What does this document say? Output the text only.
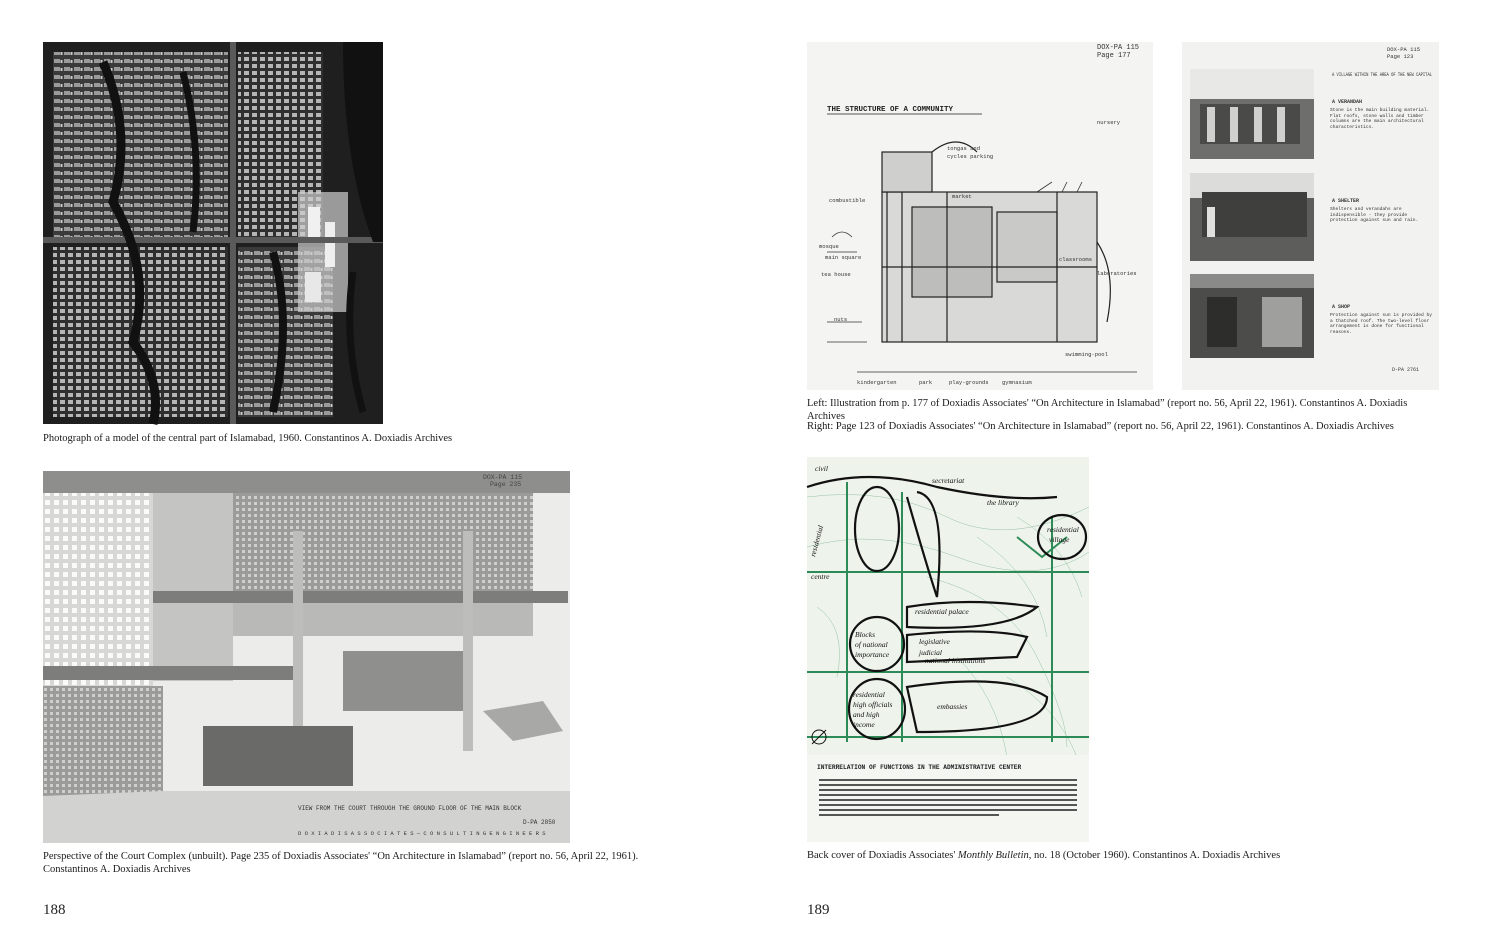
Photograph of a model of the central part of Islamabad, 1960. Constantinos A. Doxiadis Archives
DOX-PA 115
Page 235
VIEW FROM THE COURT THROUGH THE GROUND FLOOR OF THE MAIN BLOCK
D-PA 2850
D O X I A D I S A S S O C I A T E S — C O N S U L T I N G E N G I N E E R S
Perspective of the Court Complex (unbuilt). Page 235 of Doxiadis Associates' “On Architecture in Islamabad” (report no. 56, April 22, 1961). Constantinos A. Doxiadis Archives
188
DOX-PA 115
Page 177
THE STRUCTURE OF A COMMUNITY
combustible
mosque
main square
tea house
nuts
nursery
market
classrooms
laboratories
kindergarten	park	play-grounds gymnasium
swimming-pool
tongas and
cycles parking
DOX-PA 115
Page 123
A VILLAGE WITHIN THE AREA OF THE NEW CAPITAL
A VERANDAH
A SHELTER
A SHOP
D-PA 2761
Stone is the main building material. Flat roofs, stone walls and timber columns are the main architectural characteristics.
Shelters and verandahs are indispensible - they provide protection against sun and rain.
Protection against sun is provided by a thatched roof. The two-level floor arrangement is done for functional reasons.
Left: Illustration from p. 177 of Doxiadis Associates' “On Architecture in Islamabad” (report no. 56, April 22, 1961). Constantinos A. Doxiadis Archives
Right: Page 123 of Doxiadis Associates' “On Architecture in Islamabad” (report no. 56, April 22, 1961). Constantinos A. Doxiadis Archives
civil
secretariat
the library
residential
centre
residential palace
legislative
judicial
national institutions
embassies
Blocks
of national
importance
residential
high officials
and high
income
residential
village
INTERRELATION OF FUNCTIONS IN THE ADMINISTRATIVE CENTER
Back cover of Doxiadis Associates' Monthly Bulletin, no. 18 (October 1960). Constantinos A. Doxiadis Archives
189
